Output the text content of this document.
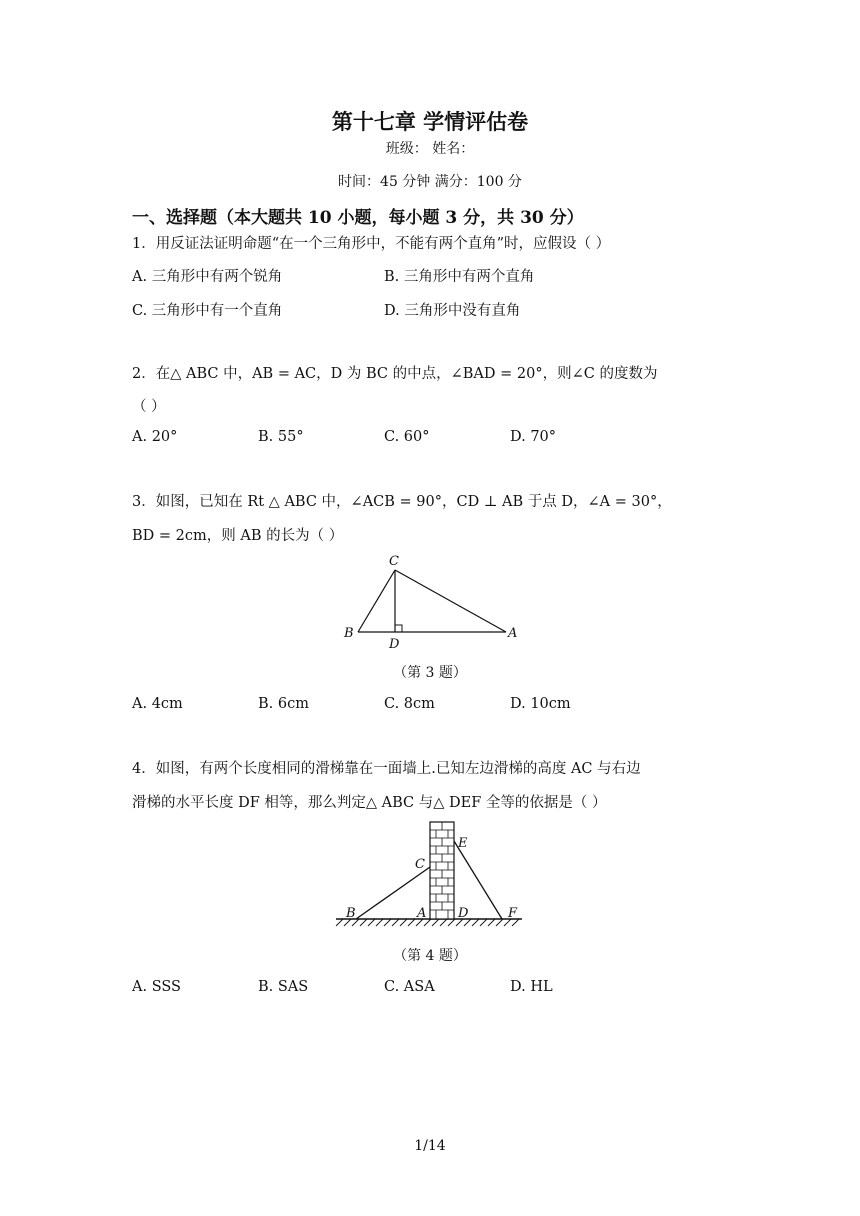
第十七章 学情评估卷
班级： 姓名：
时间：45 分钟 满分：100 分
一、选择题（本大题共 10 小题，每小题 3 分，共 30 分）
1．用反证法证明命题“在一个三角形中，不能有两个直角”时，应假设（ ）
A. 三角形中有两个锐角	B. 三角形中有两个直角
C. 三角形中有一个直角	D. 三角形中没有直角
2．在△ ABC 中，AB = AC，D 为 BC 的中点，∠BAD = 20°，则∠C 的度数为
（ ）
A. 20°	B. 55°	C. 60°	D. 70°
3．如图，已知在 Rt △ ABC 中，∠ACB = 90°，CD ⊥ AB 于点 D，∠A = 30°，
BD = 2cm，则 AB 的长为（ ）
C
B
D
A
（第 3 题）
A. 4cm	B. 6cm	C. 8cm	D. 10cm
4．如图，有两个长度相同的滑梯靠在一面墙上.已知左边滑梯的高度 AC 与右边
滑梯的水平长度 DF 相等，那么判定△ ABC 与△ DEF 全等的依据是（ ）
E
C
B	A D	F
（第 4 题）
A. SSS	B. SAS	C. ASA	D. HL
1/14
